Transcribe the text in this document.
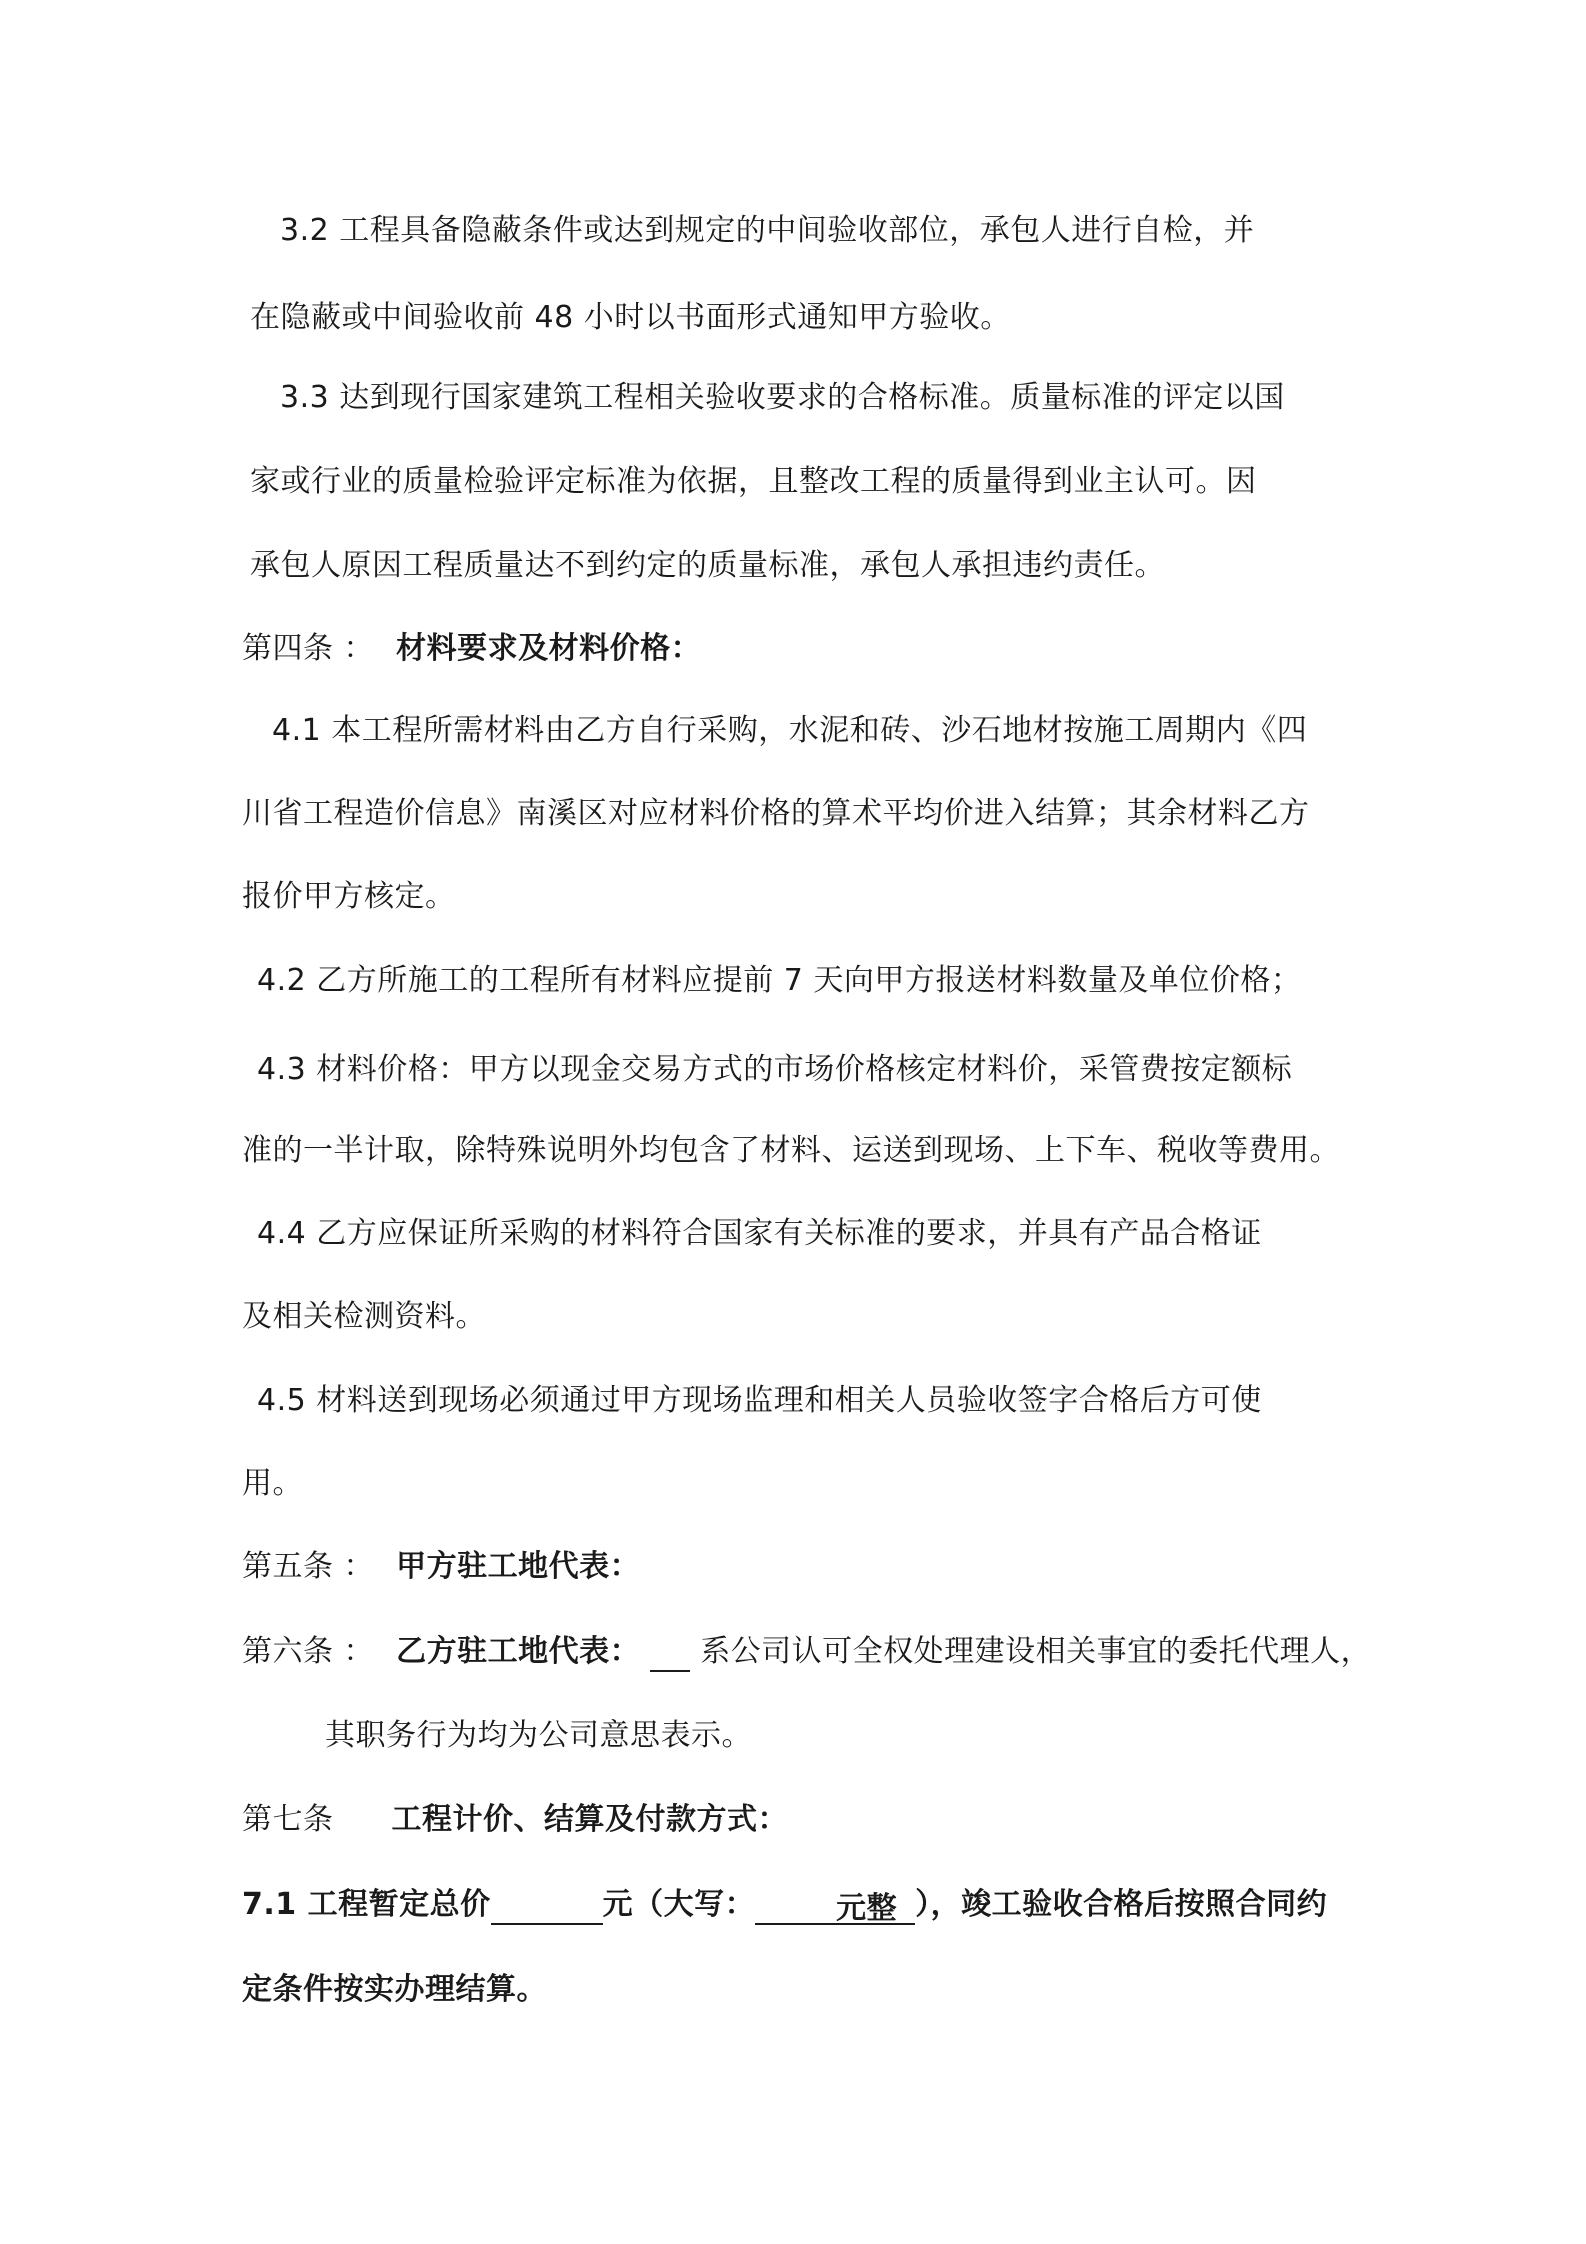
3.2 工程具备隐蔽条件或达到规定的中间验收部位，承包人进行自检，并
在隐蔽或中间验收前 48 小时以书面形式通知甲方验收。
3.3 达到现行国家建筑工程相关验收要求的合格标准。质量标准的评定以国
家或行业的质量检验评定标准为依据，且整改工程的质量得到业主认可。因
承包人原因工程质量达不到约定的质量标准，承包人承担违约责任。
第四条 ： 材料要求及材料价格：
4.1 本工程所需材料由乙方自行采购，水泥和砖、沙石地材按施工周期内《四
川省工程造价信息》南溪区对应材料价格的算术平均价进入结算；其余材料乙方
报价甲方核定。
4.2 乙方所施工的工程所有材料应提前 7 天向甲方报送材料数量及单位价格；
4.3 材料价格：甲方以现金交易方式的市场价格核定材料价，采管费按定额标
准的一半计取，除特殊说明外均包含了材料、运送到现场、上下车、税收等费用。
4.4 乙方应保证所采购的材料符合国家有关标准的要求，并具有产品合格证
及相关检测资料。
4.5 材料送到现场必须通过甲方现场监理和相关人员验收签字合格后方可使
用。
第五条 ： 甲方驻工地代表：
第六条 ： 乙方驻工地代表： 系公司认可全权处理建设相关事宜的委托代理人，
其职务行为均为公司意思表示。
第七条 工程计价、结算及付款方式：
7.1 工程暂定总价	元（大写：	元整 ），竣工验收合格后按照合同约
定条件按实办理结算。
